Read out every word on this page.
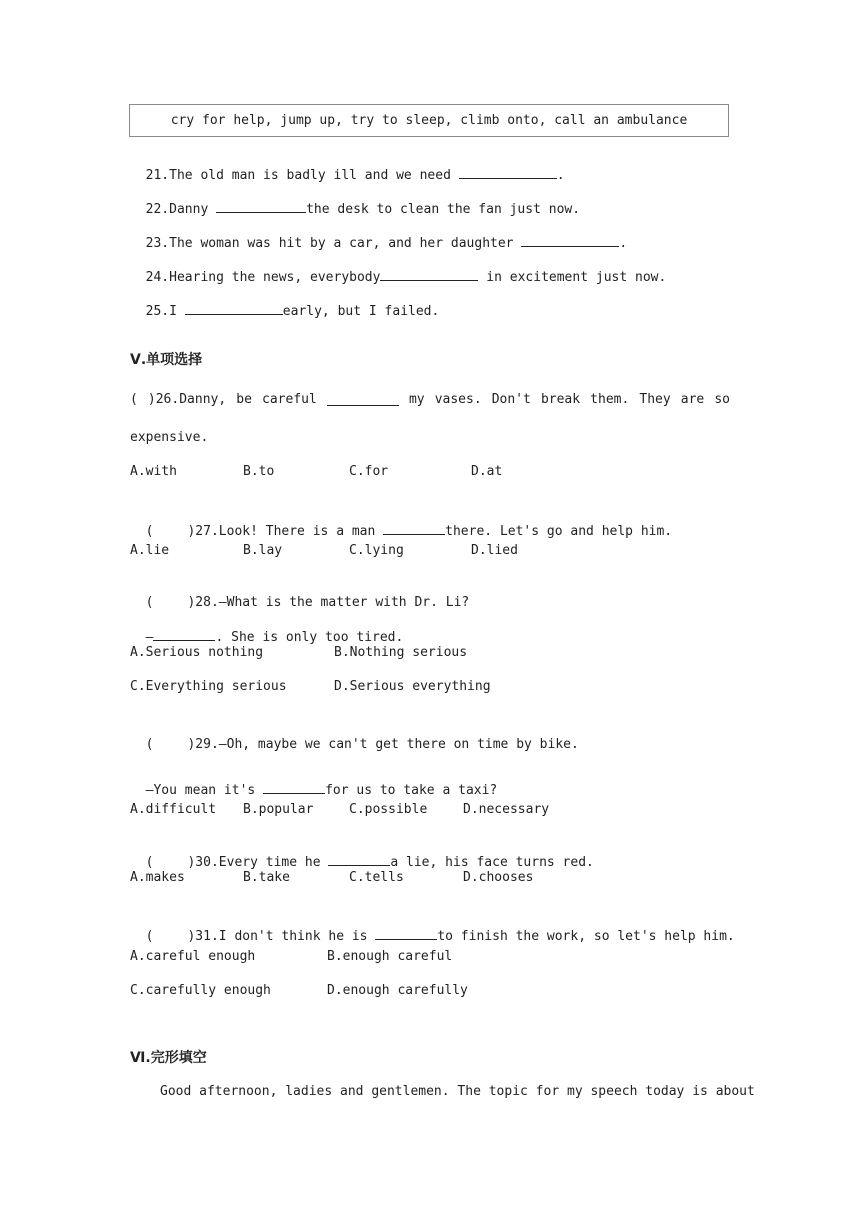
cry for help, jump up, try to sleep, climb onto, call an ambulance

21.The old man is badly ill and we need	.

22.Danny	the desk to clean the fan just now.

23.The woman was hit by a car, and her daughter	.

24.Hearing the news, everybody	in excitement just now.

25.I	early, but I failed.

Ⅴ.单项选择
( )26.Danny, be careful	my vases. Don't break them. They are so
expensive.
A.with	B.to	C.for	D.at

(	)27.Look! There is a man	there. Let's go and help him.

A.lie	B.lay	C.lying	D.lied

(	)28.—What is the matter with Dr. Li?

—	. She is only too tired.

A.Serious nothing	B.Nothing serious
C.Everything serious	D.Serious everything

(	)29.—Oh, maybe we can't get there on time by bike.

—You mean it's	for us to take a taxi?

A.difficult B.popular	C.possible	D.necessary

(	)30.Every time he	a lie, his face turns red.

A.makes	B.take	C.tells	D.chooses

(	)31.I don't think he is	to finish the work, so let's help him.

A.careful enough	B.enough careful
C.carefully enough	D.enough carefully
Ⅵ.完形填空
Good afternoon, ladies and gentlemen. The topic for my speech today is about
